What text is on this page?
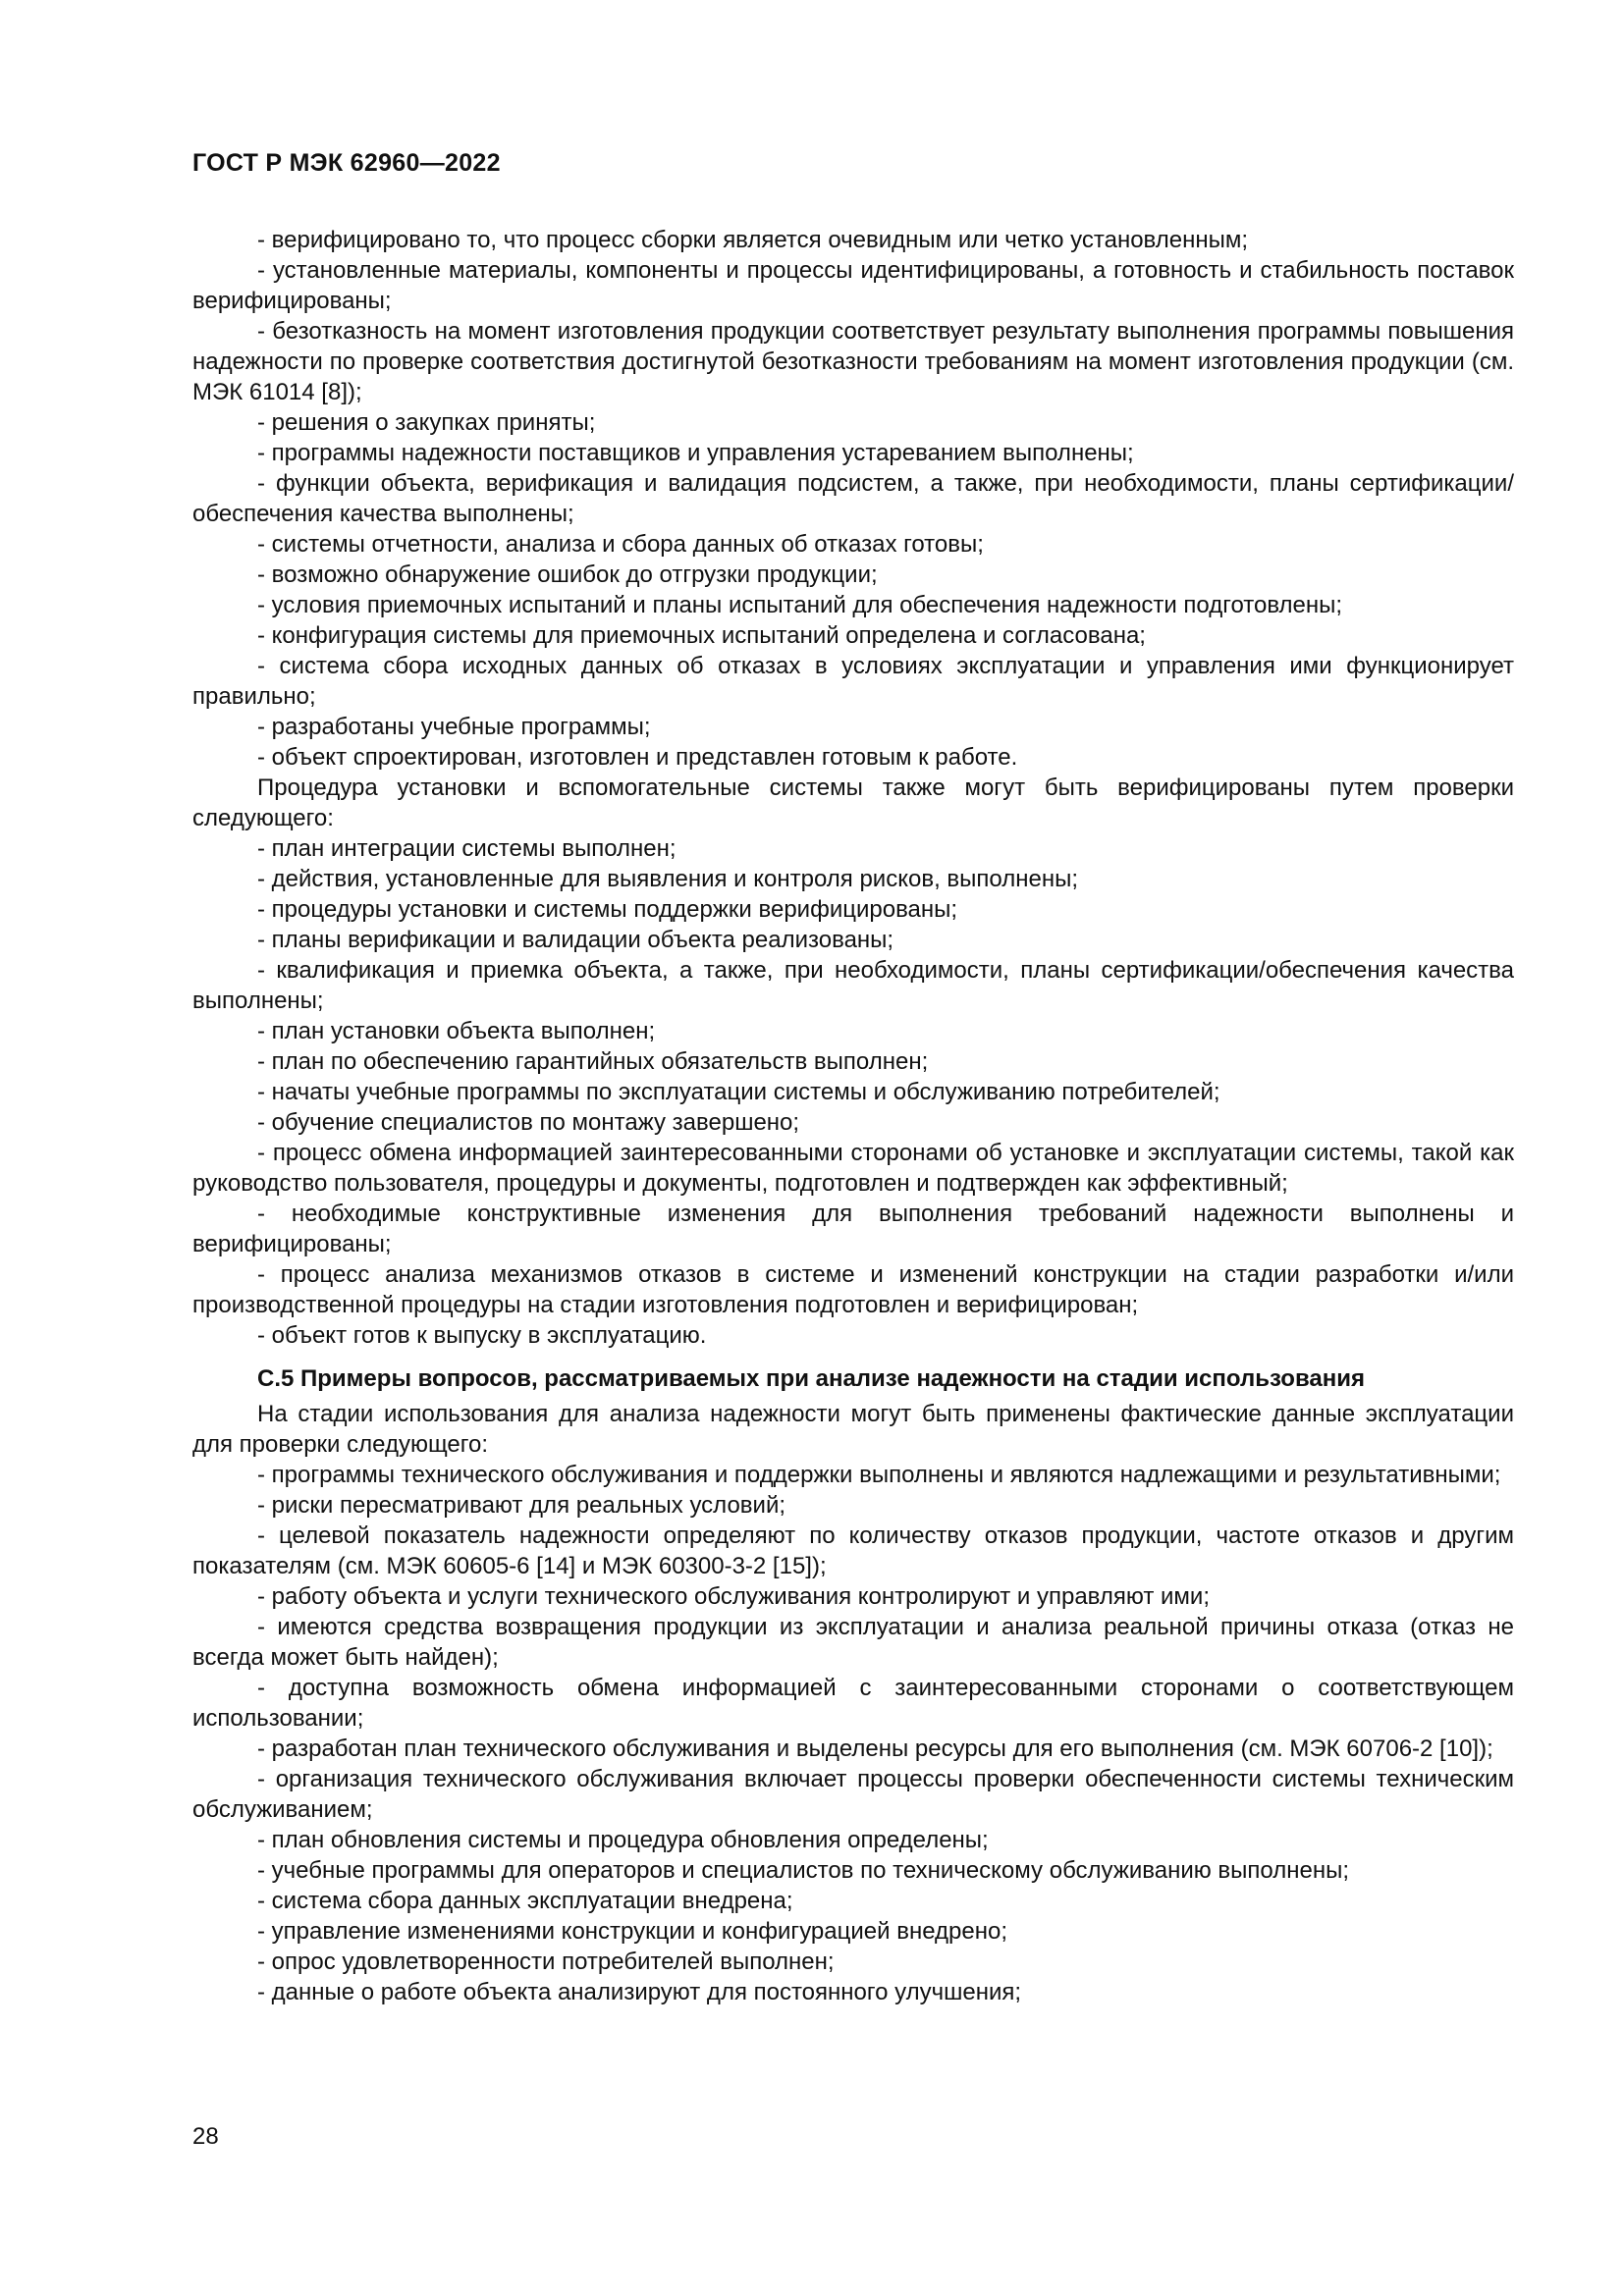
ГОСТ Р МЭК 62960—2022

- верифицировано то, что процесс сборки является очевидным или четко установленным;

- установленные материалы, компоненты и процессы идентифицированы, а готовность и стабильность поставок верифицированы;

- безотказность на момент изготовления продукции соответствует результату выполнения программы повышения надежности по проверке соответствия достигнутой безотказности требованиям на момент изготовления продукции (см. МЭК 61014 [8]);

- решения о закупках приняты;

- программы надежности поставщиков и управления устареванием выполнены;

- функции объекта, верификация и валидация подсистем, а также, при необходимости, планы сертификации/обеспечения качества выполнены;

- системы отчетности, анализа и сбора данных об отказах готовы;

- возможно обнаружение ошибок до отгрузки продукции;

- условия приемочных испытаний и планы испытаний для обеспечения надежности подготовлены;

- конфигурация системы для приемочных испытаний определена и согласована;

- система сбора исходных данных об отказах в условиях эксплуатации и управления ими функционирует правильно;

- разработаны учебные программы;

- объект спроектирован, изготовлен и представлен готовым к работе.

Процедура установки и вспомогательные системы также могут быть верифицированы путем проверки следующего:

- план интеграции системы выполнен;

- действия, установленные для выявления и контроля рисков, выполнены;

- процедуры установки и системы поддержки верифицированы;

- планы верификации и валидации объекта реализованы;

- квалификация и приемка объекта, а также, при необходимости, планы сертификации/обеспечения качества выполнены;

- план установки объекта выполнен;

- план по обеспечению гарантийных обязательств выполнен;

- начаты учебные программы по эксплуатации системы и обслуживанию потребителей;

- обучение специалистов по монтажу завершено;

- процесс обмена информацией заинтересованными сторонами об установке и эксплуатации системы, такой как руководство пользователя, процедуры и документы, подготовлен и подтвержден как эффективный;

- необходимые конструктивные изменения для выполнения требований надежности выполнены и верифицированы;

- процесс анализа механизмов отказов в системе и изменений конструкции на стадии разработки и/или производственной процедуры на стадии изготовления подготовлен и верифицирован;

- объект готов к выпуску в эксплуатацию.

С.5 Примеры вопросов, рассматриваемых при анализе надежности на стадии использования

На стадии использования для анализа надежности могут быть применены фактические данные эксплуатации для проверки следующего:

- программы технического обслуживания и поддержки выполнены и являются надлежащими и результативными;

- риски пересматривают для реальных условий;

- целевой показатель надежности определяют по количеству отказов продукции, частоте отказов и другим показателям (см. МЭК 60605-6 [14] и МЭК 60300-3-2 [15]);

- работу объекта и услуги технического обслуживания контролируют и управляют ими;

- имеются средства возвращения продукции из эксплуатации и анализа реальной причины отказа (отказ не всегда может быть найден);

- доступна возможность обмена информацией с заинтересованными сторонами о соответствующем использовании;

- разработан план технического обслуживания и выделены ресурсы для его выполнения (см. МЭК 60706-2 [10]);

- организация технического обслуживания включает процессы проверки обеспеченности системы техническим обслуживанием;

- план обновления системы и процедура обновления определены;

- учебные программы для операторов и специалистов по техническому обслуживанию выполнены;

- система сбора данных эксплуатации внедрена;

- управление изменениями конструкции и конфигурацией внедрено;

- опрос удовлетворенности потребителей выполнен;

- данные о работе объекта анализируют для постоянного улучшения;

28
